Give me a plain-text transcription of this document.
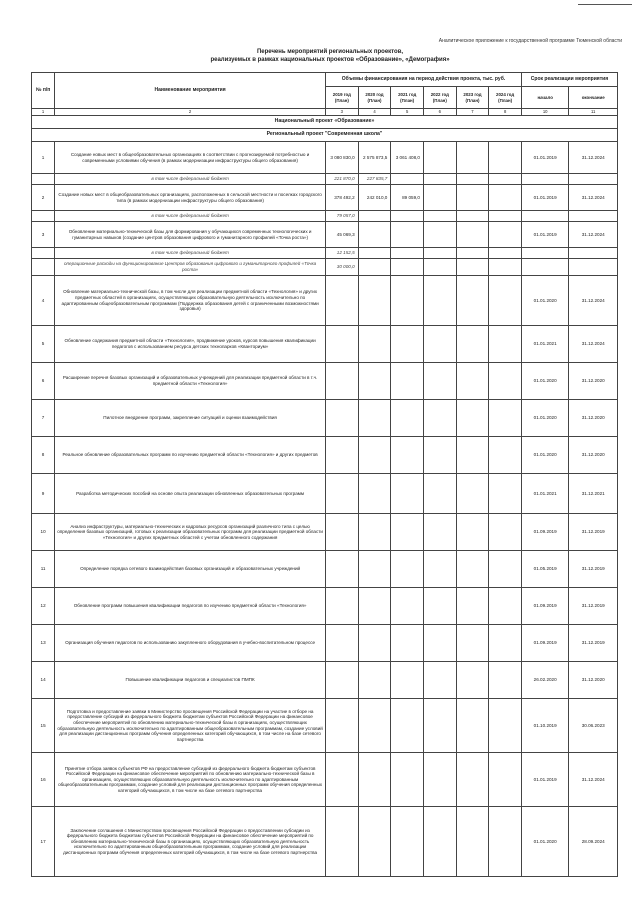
Аналитическое приложение к государственной программе Тюменской области
Перечень мероприятий региональных проектов,
реализуемых в рамках национальных проектов «Образование», «Демография»
№ п/п	Наименование мероприятия	Объемы финансирования на период действия проекта, тыс. руб.						Срок реализации мероприятия	
		2019 год (План)	2020 год (План)	2021 год (План)	2022 год (План)	2023 год (План)	2024 год (План)	начало	окончание
1	2	3	4	5	6	7	8	10	11
Национальный проект «Образование»									
Региональный проект "Современная школа"									
1	Создание новых мест в общеобразовательных организациях в соответствии с прогнозируемой потребностью и современными условиями обучения (в рамках модернизации инфраструктуры общего образования)	3 080 830,0	2 575 873,5	3 061 408,0				01.01.2019	31.12.2024
	в том числе федеральный бюджет	221 870,0	227 835,7						
2	Создание новых мест в общеобразовательных организациях, расположенных в сельской местности и поселках городского типа (в рамках модернизации инфраструктуры общего образования)	378 492,2	242 010,0	89 059,0				01.01.2019	31.12.2024
	в том числе федеральный бюджет	79 057,0							
3	Обновление материально-технической базы для формирования у обучающихся современных технологических и гуманитарных навыков (создание центров образования цифрового и гуманитарного профилей «Точка роста»)	45 069,3						01.01.2019	31.12.2024
	в том числе федеральный бюджет	12 152,5							
	операционные расходы на функционирование Центров образования цифрового и гуманитарного профилей «Точка роста»	30 000,0							
4	Обновление материально-технической базы, в том числе для реализации предметной области «Технология» и других предметных областей в организациях, осуществляющих образовательную деятельность исключительно по адаптированным общеобразовательным программам (Поддержка образования детей с ограниченными возможностями здоровья)							01.01.2020	31.12.2024
5	Обновление содержания предметной области «Технология», продвижение уроков, курсов повышения квалификации педагогов с использованием ресурса детских технопарков «Кванториум»							01.01.2021	31.12.2024
6	Расширение перечня базовых организаций и образовательных учреждений для реализации предметной области в т.ч. предметной области «Технология»							01.01.2020	31.12.2020
7	Пилотное внедрение программ, закрепление ситуаций и оценки взаимодействия							01.01.2020	31.12.2020
8	Реальное обновление образовательных программ по изучению предметной области «Технология» и других предметов							01.01.2020	31.12.2020
9	Разработка методических пособий на основе опыта реализации обновленных образовательных программ							01.01.2021	31.12.2021
10	Анализ инфраструктуры, материально-технических и кадровых ресурсов организаций различного типа с целью определения базовых организаций, готовых к реализации образовательных программ для реализации предметной области «Технология» и других предметных областей с учетом обновленного содержания							01.09.2019	31.12.2019
11	Определение порядка сетевого взаимодействия базовых организаций и образовательных учреждений							01.05.2019	31.12.2019
12	Обновление программ повышения квалификации педагогов по изучению предметной области «Технология»							01.09.2019	31.12.2019
13	Организация обучения педагогов по использованию закупленного оборудования в учебно-воспитательном процессе							01.09.2019	31.12.2019
14	Повышение квалификации педагогов и специалистов ПМПК							26.02.2020	31.12.2020
15	Подготовка и предоставление заявки в Министерство просвещения Российской Федерации на участие в отборе на предоставление субсидий из федерального бюджета бюджетам субъектов Российской Федерации на финансовое обеспечение мероприятий по обновлению материально-технической базы в организациях, осуществляющих образовательную деятельность исключительно по адаптированным общеобразовательным программам, создание условий для реализации дистанционных программ обучения определенных категорий обучающихся, в том числе на базе сетевого партнерства							01.10.2019	30.06.2023
16	Принятие отбора заявок субъектов РФ на предоставление субсидий из федерального бюджета бюджетам субъектов Российской Федерации на финансовое обеспечение мероприятий по обновлению материально-технической базы в организациях, осуществляющих образовательную деятельность исключительно по адаптированным общеобразовательным программам, создание условий для реализации дистанционных программ обучения определенных категорий обучающихся, в том числе на базе сетевого партнерства							01.01.2019	31.12.2024
17	Заключение соглашения с Министерством просвещения Российской Федерации о предоставлении субсидии из федерального бюджета бюджетам субъектов Российской Федерации на финансовое обеспечение мероприятий по обновлению материально-технической базы в организациях, осуществляющих образовательную деятельность исключительно по адаптированным общеобразовательным программам, создание условий для реализации дистанционных программ обучения определенных категорий обучающихся, в том числе на базе сетевого партнерства							01.01.2020	28.09.2024
